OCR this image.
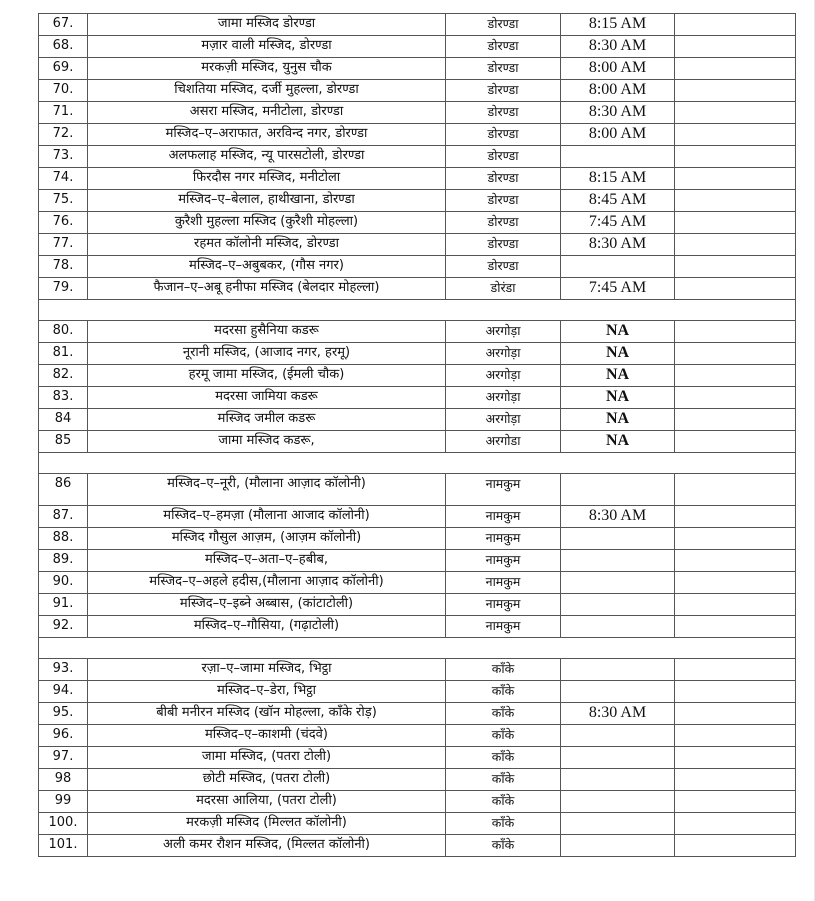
67.	जामा मस्जिद डोरण्डा	डोरण्डा	8:15 AM	
68.	मज़ार वाली मस्जिद, डोरण्डा	डोरण्डा	8:30 AM	
69.	मरकज़ी मस्जिद, युनुस चौक	डोरण्डा	8:00 AM	
70.	चिशतिया मस्जिद, दर्जी मुहल्ला, डोरण्डा	डोरण्डा	8:00 AM	
71.	असरा मस्जिद, मनीटोला, डोरण्डा	डोरण्डा	8:30 AM	
72.	मस्जिद–ए–अराफात, अरविन्द नगर, डोरण्डा	डोरण्डा	8:00 AM	
73.	अलफलाह मस्जिद, न्यू पारसटोली, डोरण्डा	डोरण्डा		
74.	फिरदौस नगर मस्जिद, मनीटोला	डोरण्डा	8:15 AM	
75.	मस्जिद–ए–बेलाल, हाथीखाना, डोरण्डा	डोरण्डा	8:45 AM	
76.	कुरैशी मुहल्ला मस्जिद (कुरैशी मोहल्ला)	डोरण्डा	7:45 AM	
77.	रहमत कॉलोनी मस्जिद, डोरण्डा	डोरण्डा	8:30 AM	
78.	मस्जिद–ए–अबुबकर, (गौस नगर)	डोरण्डा		
79.	फैजान–ए–अबू हनीफा मस्जिद (बेलदार मोहल्ला)	डोरंडा	7:45 AM	

80.	मदरसा हुसैनिया कडरू	अरगोड़ा	NA	
81.	नूरानी मस्जिद, (आजाद नगर, हरमू)	अरगोड़ा	NA	
82.	हरमू जामा मस्जिद, (ईमली चौक)	अरगोड़ा	NA	
83.	मदरसा जामिया कडरू	अरगोड़ा	NA	
84	मस्जिद जमील कडरू	अरगोड़ा	NA	
85	जामा मस्जिद कडरू,	अरगोडा	NA	

86	मस्जिद–ए–नूरी, (मौलाना आज़ाद कॉलोनी)	नामकुम		
87.	मस्जिद–ए–हमज़ा (मौलाना आजाद कॉलोनी)	नामकुम	8:30 AM	
88.	मस्जिद गौसुल आज़म, (आज़म कॉलोनी)	नामकुम		
89.	मस्जिद–ए–अता–ए–हबीब,	नामकुम		
90.	मस्जिद–ए–अहले हदीस,(मौलाना आज़ाद कॉलोनी)	नामकुम		
91.	मस्जिद–ए–इब्ने अब्बास, (कांटाटोली)	नामकुम		
92.	मस्जिद–ए–गौसिया, (गढ़ाटोली)	नामकुम		

93.	रज़ा–ए–जामा मस्जिद, भिट्ठा	काँके		
94.	मस्जिद–ए–डेरा, भिट्ठा	काँके		
95.	बीबी मनीरन मस्जिद (खॉन मोहल्ला, कॉंके रोड़)	काँके	8:30 AM	
96.	मस्जिद–ए–काशमी (चंदवे)	काँके		
97.	जामा मस्जिद, (पतरा टोली)	काँके		
98	छोटी मस्जिद, (पतरा टोली)	काँके		
99	मदरसा आलिया, (पतरा टोली)	काँके		
100.	मरकज़ी मस्जिद (मिल्लत कॉलोनी)	काँके		
101.	अली कमर रौशन मस्जिद, (मिल्लत कॉलोनी)	काँके		
